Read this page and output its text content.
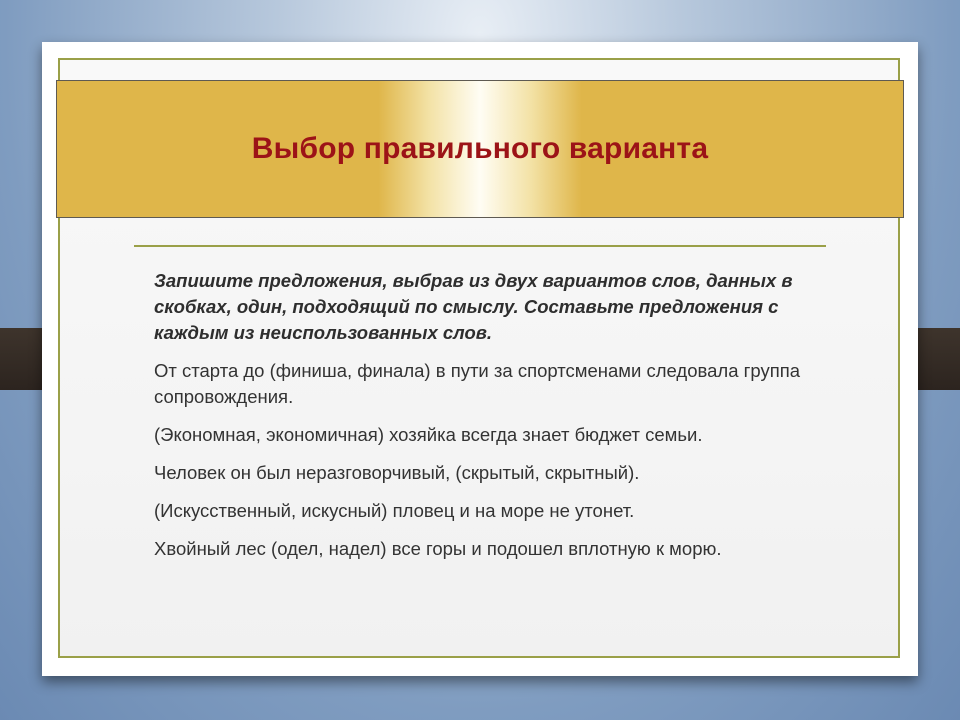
Выбор правильного варианта

Запишите предложения, выбрав из двух вариантов слов, данных в скобках, один, подходящий по смыслу. Составьте предложения с каждым из неиспользованных слов.

От старта до (финиша, финала) в пути за спортсменами следовала группа сопровождения.

(Экономная, экономичная) хозяйка всегда знает бюджет семьи.

Человек он был неразговорчивый, (скрытый, скрытный).

(Искусственный, искусный) пловец и на море не утонет.

Хвойный лес (одел, надел) все горы и подошел вплотную к морю.
